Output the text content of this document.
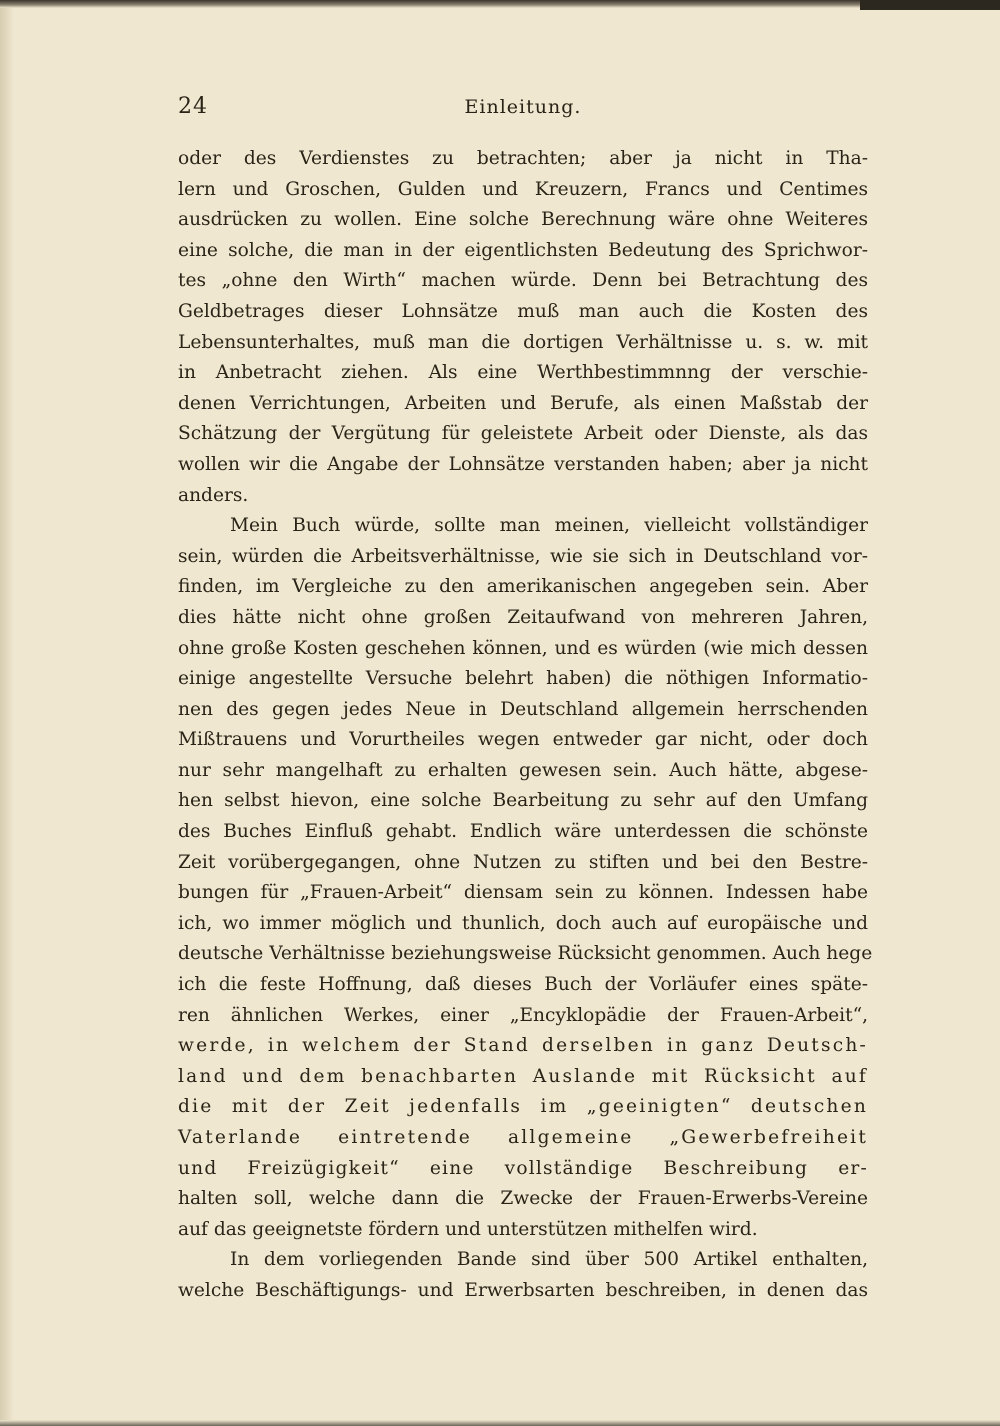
24	Einleitung.
oder des Verdienstes zu betrachten; aber ja nicht in Tha-
lern und Groschen, Gulden und Kreuzern, Francs und Centimes
ausdrücken zu wollen. Eine solche Berechnung wäre ohne Weiteres
eine solche, die man in der eigentlichsten Bedeutung des Sprichwor-
tes „ohne den Wirth“ machen würde. Denn bei Betrachtung des
Geldbetrages dieser Lohnsätze muß man auch die Kosten des
Lebensunterhaltes, muß man die dortigen Verhältnisse u. s. w. mit
in Anbetracht ziehen. Als eine Werthbestimmnng der verschie-
denen Verrichtungen, Arbeiten und Berufe, als einen Maßstab der
Schätzung der Vergütung für geleistete Arbeit oder Dienste, als das
wollen wir die Angabe der Lohnsätze verstanden haben; aber ja nicht
anders.
Mein Buch würde, sollte man meinen, vielleicht vollständiger
sein, würden die Arbeitsverhältnisse, wie sie sich in Deutschland vor-
finden, im Vergleiche zu den amerikanischen angegeben sein. Aber
dies hätte nicht ohne großen Zeitaufwand von mehreren Jahren,
ohne große Kosten geschehen können, und es würden (wie mich dessen
einige angestellte Versuche belehrt haben) die nöthigen Informatio-
nen des gegen jedes Neue in Deutschland allgemein herrschenden
Mißtrauens und Vorurtheiles wegen entweder gar nicht, oder doch
nur sehr mangelhaft zu erhalten gewesen sein. Auch hätte, abgese-
hen selbst hievon, eine solche Bearbeitung zu sehr auf den Umfang
des Buches Einfluß gehabt. Endlich wäre unterdessen die schönste
Zeit vorübergegangen, ohne Nutzen zu stiften und bei den Bestre-
bungen für „Frauen-Arbeit“ diensam sein zu können. Indessen habe
ich, wo immer möglich und thunlich, doch auch auf europäische und
deutsche Verhältnisse beziehungsweise Rücksicht genommen. Auch hege
ich die feste Hoffnung, daß dieses Buch der Vorläufer eines späte-
ren ähnlichen Werkes, einer „Encyklopädie der Frauen-Arbeit“,
werde, in welchem der Stand derselben in ganz Deutsch-
land und dem benachbarten Auslande mit Rücksicht auf
die mit der Zeit jedenfalls im „geeinigten“ deutschen
Vaterlande eintretende allgemeine „Gewerbefreiheit
und Freizügigkeit“ eine vollständige Beschreibung er-
halten soll, welche dann die Zwecke der Frauen-Erwerbs-Vereine
auf das geeignetste fördern und unterstützen mithelfen wird.
In dem vorliegenden Bande sind über 500 Artikel enthalten,
welche Beschäftigungs- und Erwerbsarten beschreiben, in denen das
